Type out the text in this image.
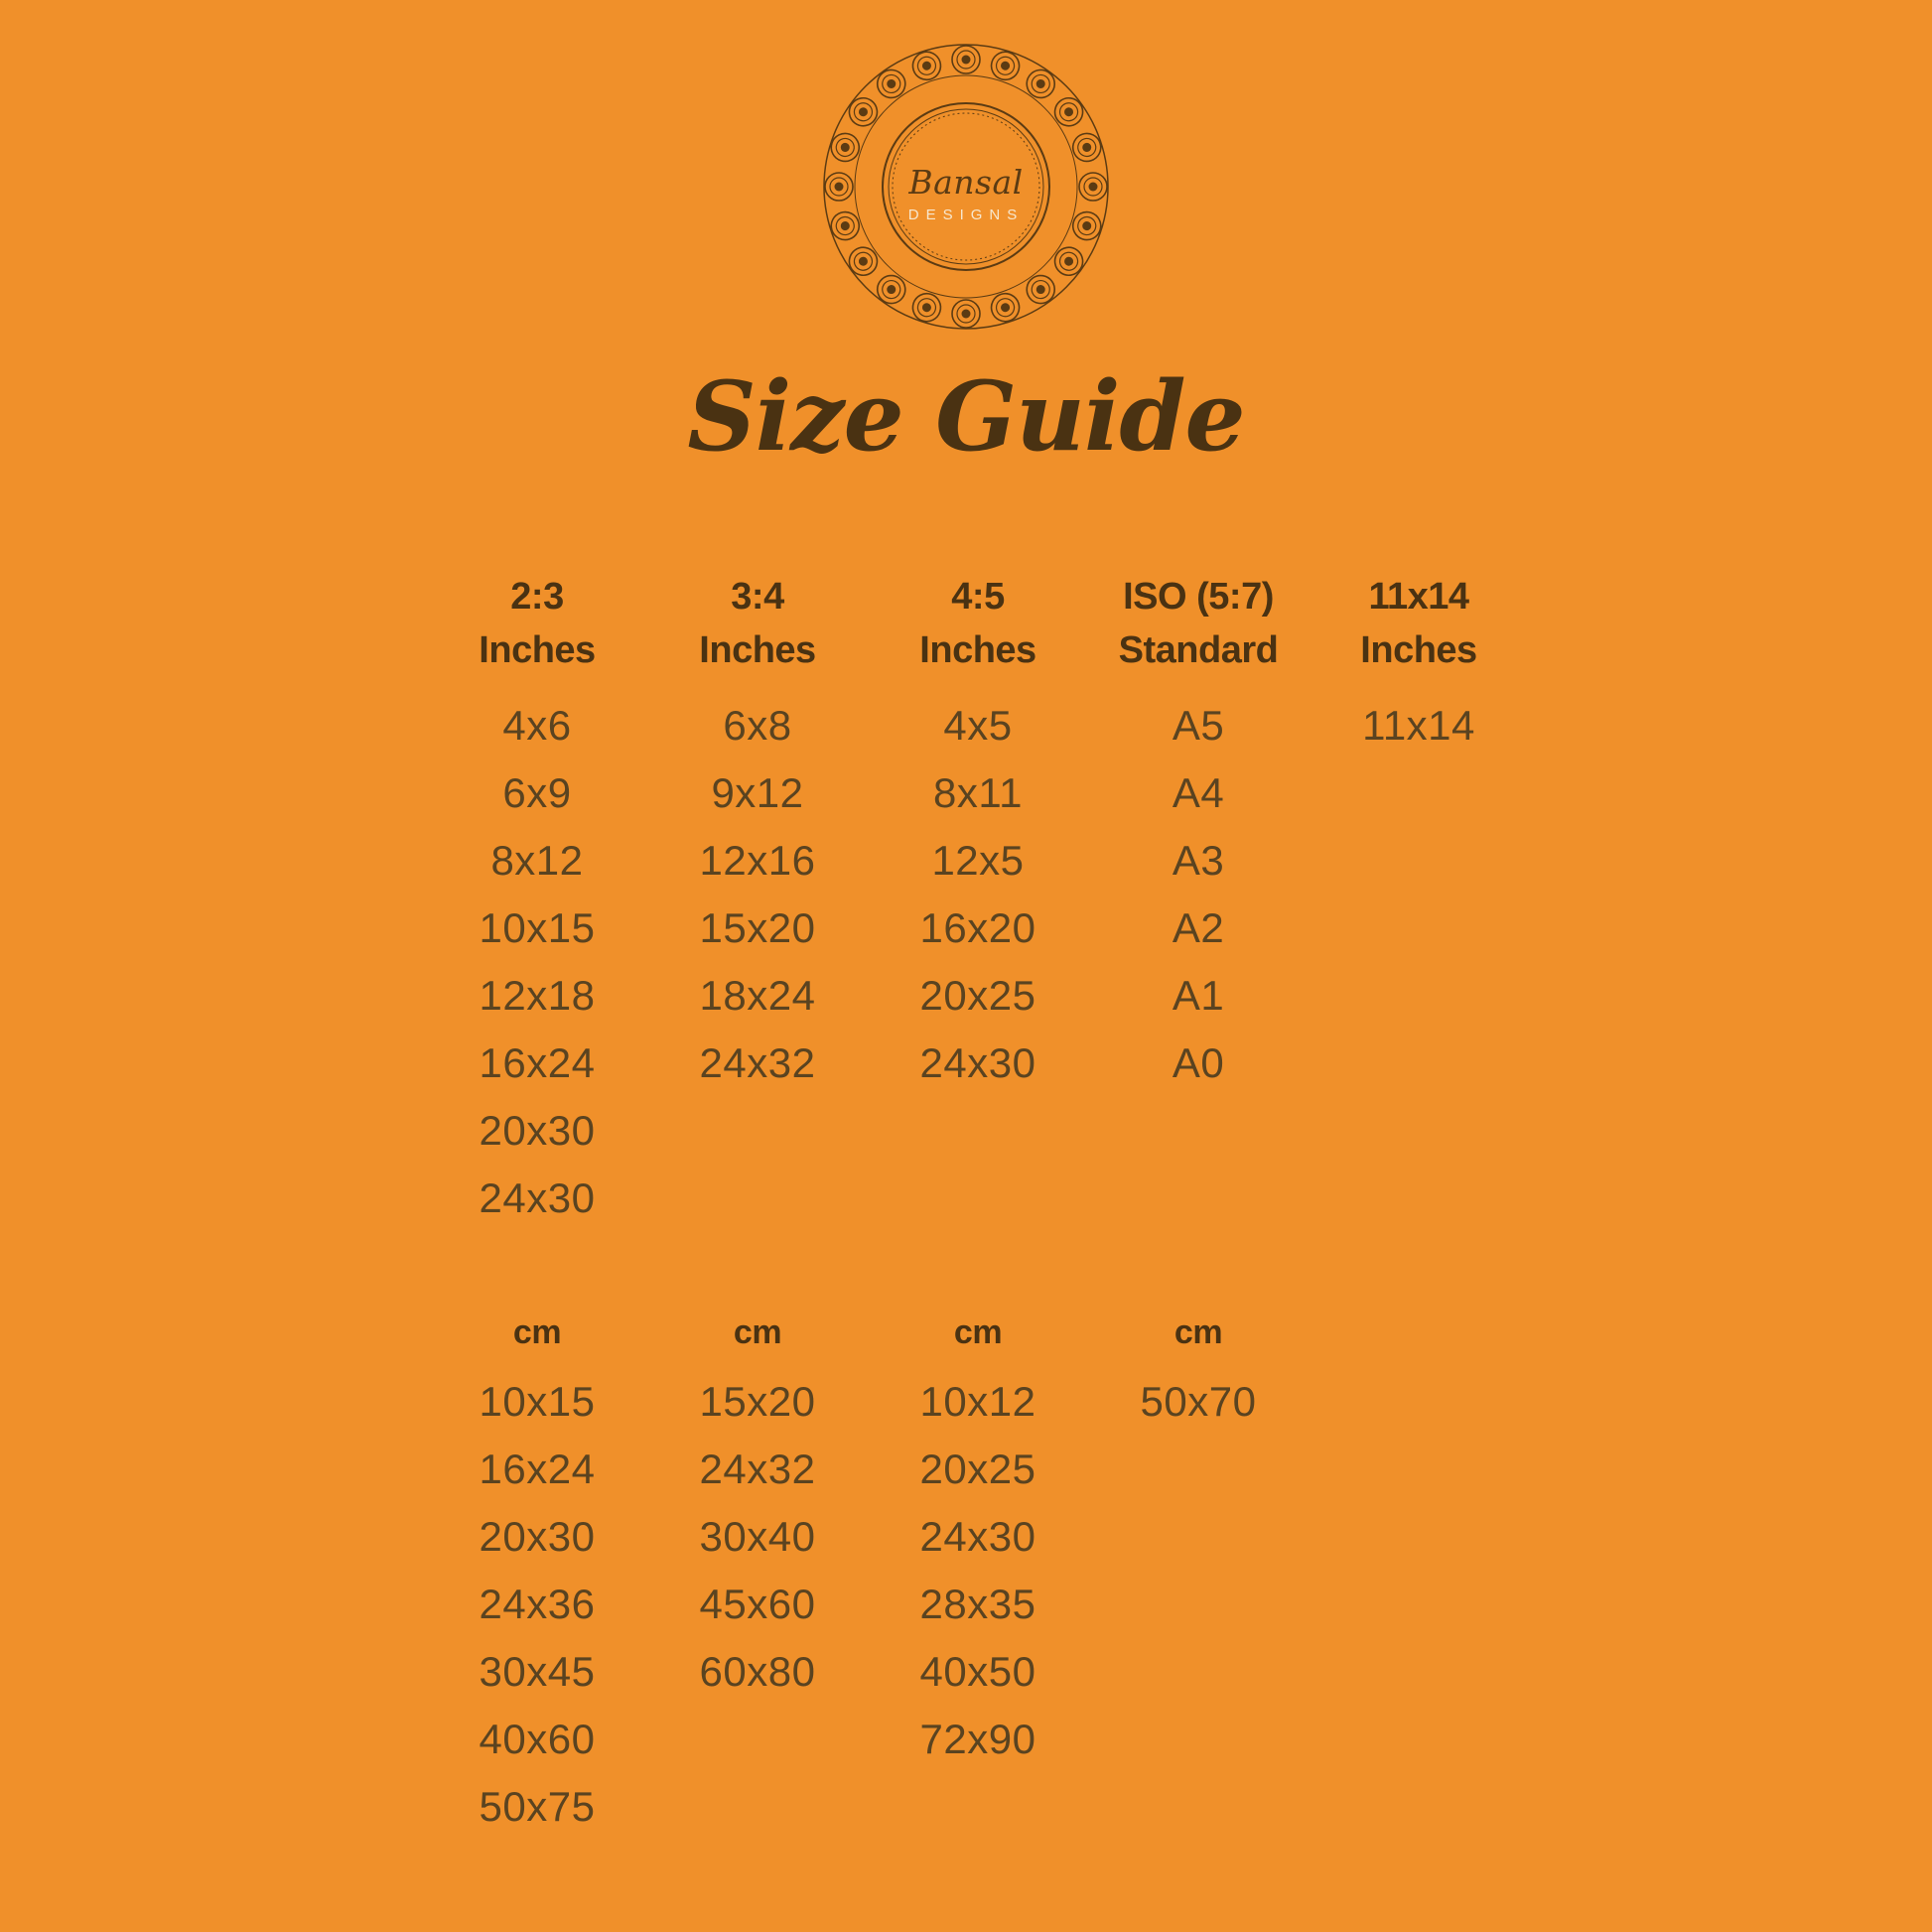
Bansal
DESIGNS
Size Guide
2:3
Inches
4x6
6x9
8x12
10x15
12x18
16x24
20x30
24x30
3:4
Inches
6x8
9x12
12x16
15x20
18x24
24x32
4:5
Inches
4x5
8x11
12x5
16x20
20x25
24x30
ISO (5:7)
Standard
A5
A4
A3
A2
A1
A0
11x14
Inches
11x14
cm
10x15
16x24
20x30
24x36
30x45
40x60
50x75
cm
15x20
24x32
30x40
45x60
60x80
cm
10x12
20x25
24x30
28x35
40x50
72x90
cm
50x70
